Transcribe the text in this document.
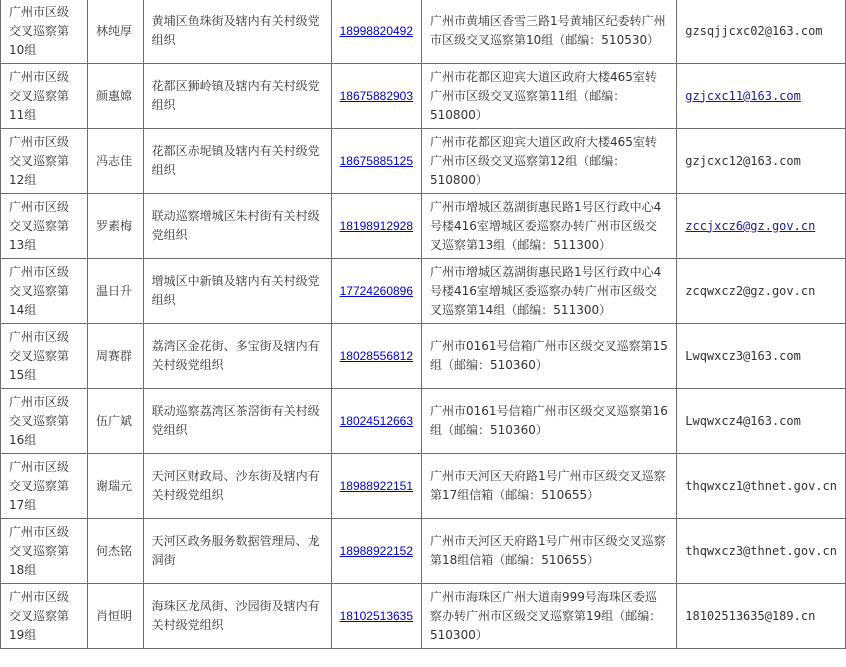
广州市区级交叉巡察第10组	林纯厚	黄埔区鱼珠街及辖内有关村级党组织	18998820492	广州市黄埔区香雪三路1号黄埔区纪委转广州市区级交叉巡察第10组（邮编：510530）	gzsqjjcxc02@163.com
广州市区级交叉巡察第11组	颜惠嫦	花都区狮岭镇及辖内有关村级党组织	18675882903	广州市花都区迎宾大道区政府大楼465室转广州市区级交叉巡察第11组（邮编：510800）	gzjcxc11@163.com
广州市区级交叉巡察第12组	冯志佳	花都区赤坭镇及辖内有关村级党组织	18675885125	广州市花都区迎宾大道区政府大楼465室转广州市区级交叉巡察第12组（邮编：510800）	gzjcxc12@163.com
广州市区级交叉巡察第13组	罗素梅	联动巡察增城区朱村街有关村级党组织	18198912928	广州市增城区荔湖街惠民路1号区行政中心4号楼416室增城区委巡察办转广州市区级交叉巡察第13组（邮编：511300）	zccjxcz6@gz.gov.cn
广州市区级交叉巡察第14组	温日升	增城区中新镇及辖内有关村级党组织	17724260896	广州市增城区荔湖街惠民路1号区行政中心4号楼416室增城区委巡察办转广州市区级交叉巡察第14组（邮编：511300）	zcqwxcz2@gz.gov.cn
广州市区级交叉巡察第15组	周赛群	荔湾区金花街、多宝街及辖内有关村级党组织	18028556812	广州市0161号信箱广州市区级交叉巡察第15组（邮编：510360）	Lwqwxcz3@163.com
广州市区级交叉巡察第16组	伍广斌	联动巡察荔湾区茶滘街有关村级党组织	18024512663	广州市0161号信箱广州市区级交叉巡察第16组（邮编：510360）	Lwqwxcz4@163.com
广州市区级交叉巡察第17组	谢瑞元	天河区财政局、沙东街及辖内有关村级党组织	18988922151	广州市天河区天府路1号广州市区级交叉巡察第17组信箱（邮编：510655）	thqwxcz1@thnet.gov.cn
广州市区级交叉巡察第18组	何杰铭	天河区政务服务数据管理局、龙洞街	18988922152	广州市天河区天府路1号广州市区级交叉巡察第18组信箱（邮编：510655）	thqwxcz3@thnet.gov.cn
广州市区级交叉巡察第19组	肖恒明	海珠区龙凤街、沙园街及辖内有关村级党组织	18102513635	广州市海珠区广州大道南999号海珠区委巡察办转广州市区级交叉巡察第19组（邮编：510300）	18102513635@189.cn
